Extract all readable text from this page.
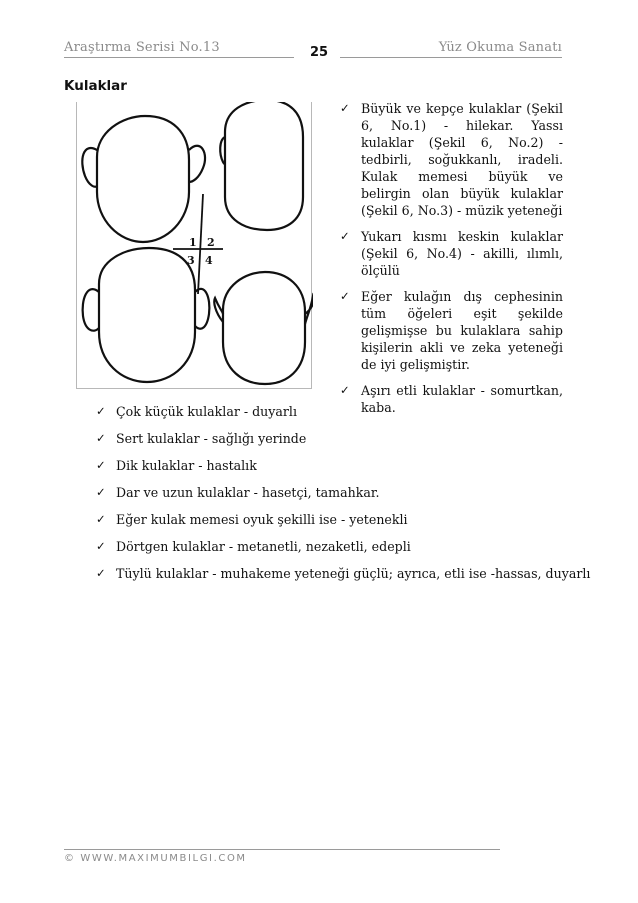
Araştırma Serisi No.13	25	Yüz Okuma Sanatı
Kulaklar
1 2
3 4
✓ Büyük ve kepçe kulaklar (Şekil 6, No.1) - hilekar. Yassı kulaklar (Şekil 6, No.2) - tedbirli, soğukkanlı, iradeli. Kulak memesi büyük ve belirgin olan büyük kulaklar (Şekil 6, No.3) - müzik yeteneği
✓ Yukarı kısmı keskin kulaklar (Şekil 6, No.4) - akilli, ılımlı, ölçülü
✓ Eğer kulağın dış cephesinin tüm öğeleri eşit şekilde gelişmişse bu kulaklara sahip kişilerin akli ve zeka yeteneği de iyi gelişmiştir.
✓ Aşırı etli kulaklar - somurtkan, kaba.
✓ Çok küçük kulaklar - duyarlı
✓ Sert kulaklar - sağlığı yerinde
✓ Dik kulaklar - hastalık
✓ Dar ve uzun kulaklar - hasetçi, tamahkar.
✓ Eğer kulak memesi oyuk şekilli ise - yetenekli
✓ Dörtgen kulaklar - metanetli, nezaketli, edepli
✓ Tüylü kulaklar - muhakeme yeteneği güçlü; ayrıca, etli ise -hassas, duyarlı
© WWW.MAXIMUMBILGI.COM
